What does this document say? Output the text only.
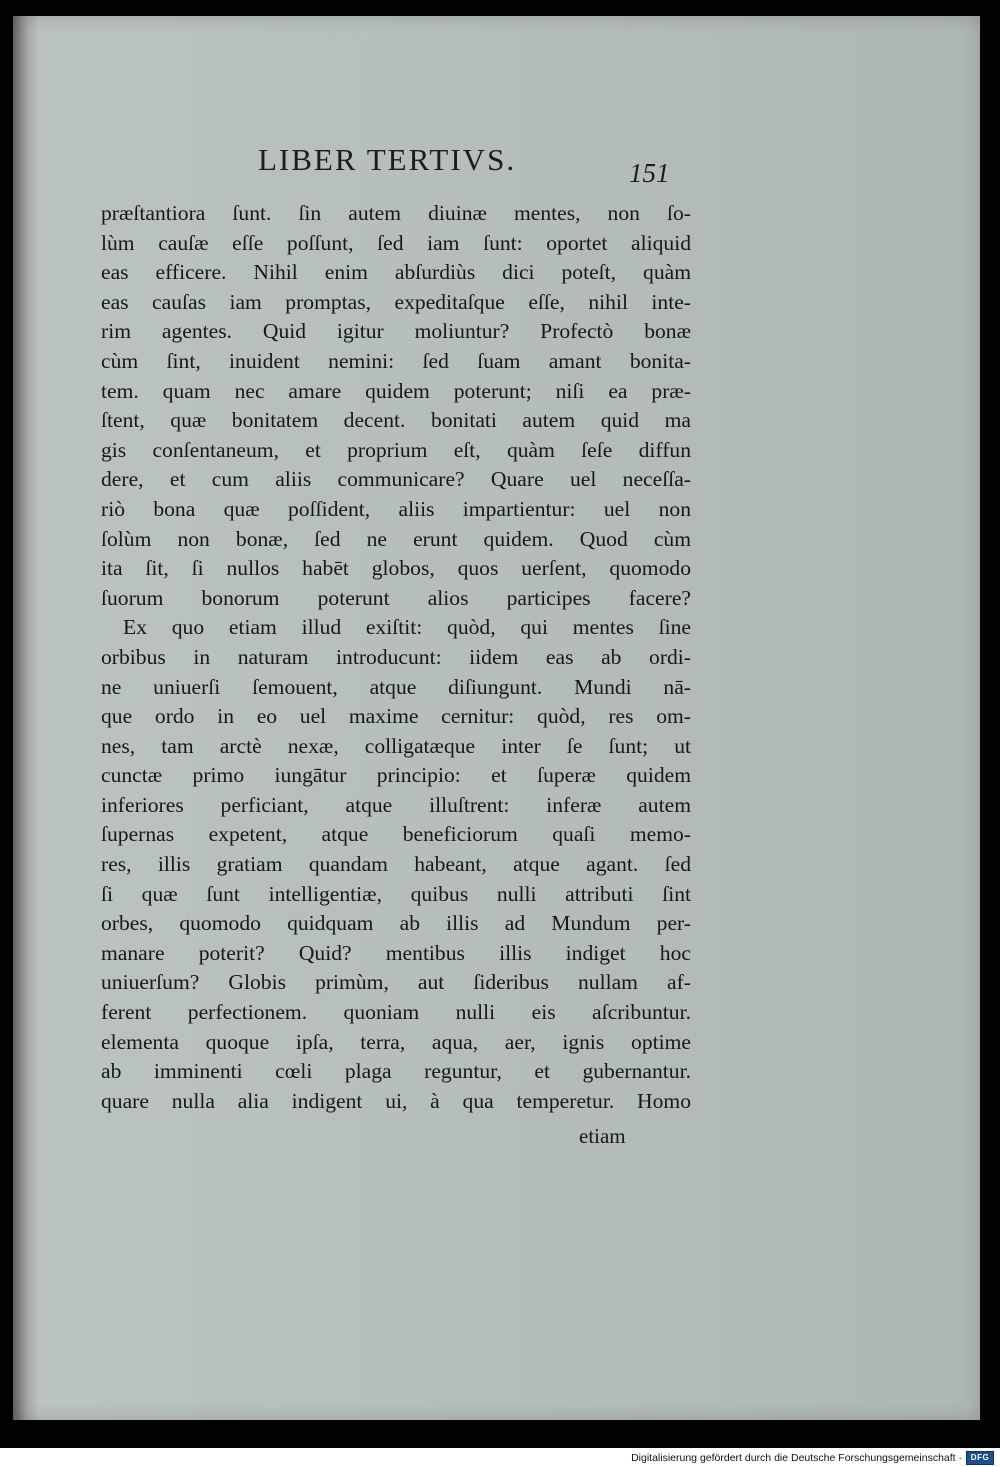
LIBER TERTIVS.	151
præſtantiora ſunt. ſin autem diuinæ mentes, non ſo-
lùm cauſæ eſſe poſſunt, ſed iam ſunt: oportet aliquid
eas efficere. Nihil enim abſurdiùs dici poteſt, quàm
eas cauſas iam promptas, expeditaſque eſſe, nihil inte-
rim agentes. Quid igitur moliuntur? Profectò bonæ
cùm ſint, inuident nemini: ſed ſuam amant bonita-
tem. quam nec amare quidem poterunt; niſi ea præ-
ſtent, quæ bonitatem decent. bonitati autem quid ma
gis conſentaneum, et proprium eſt, quàm ſeſe diffun
dere, et cum aliis communicare? Quare uel neceſſa-
riò bona quæ poſſident, aliis impartientur: uel non
ſolùm non bonæ, ſed ne erunt quidem. Quod cùm
ita ſit, ſi nullos habēt globos, quos uerſent, quomodo
ſuorum bonorum poterunt alios participes facere?
Ex quo etiam illud exiſtit: quòd, qui mentes ſine
orbibus in naturam introducunt: iidem eas ab ordi-
ne uniuerſi ſemouent, atque diſiungunt. Mundi nā-
que ordo in eo uel maxime cernitur: quòd, res om-
nes, tam arctè nexæ, colligatæque inter ſe ſunt; ut
cunctæ primo iungātur principio: et ſuperæ quidem
inferiores perficiant, atque illuſtrent: inferæ autem
ſupernas expetent, atque beneficiorum quaſi memo-
res, illis gratiam quandam habeant, atque agant. ſed
ſi quæ ſunt intelligentiæ, quibus nulli attributi ſint
orbes, quomodo quidquam ab illis ad Mundum per-
manare poterit? Quid? mentibus illis indiget hoc
uniuerſum? Globis primùm, aut ſideribus nullam af-
ferent perfectionem. quoniam nulli eis aſcribuntur.
elementa quoque ipſa, terra, aqua, aer, ignis optime
ab imminenti cœli plaga reguntur, et gubernantur.
quare nulla alia indigent ui, à qua temperetur. Homo
etiam
Digitalisierung gefördert durch die Deutsche Forschungsgemeinschaft ·	DFG
